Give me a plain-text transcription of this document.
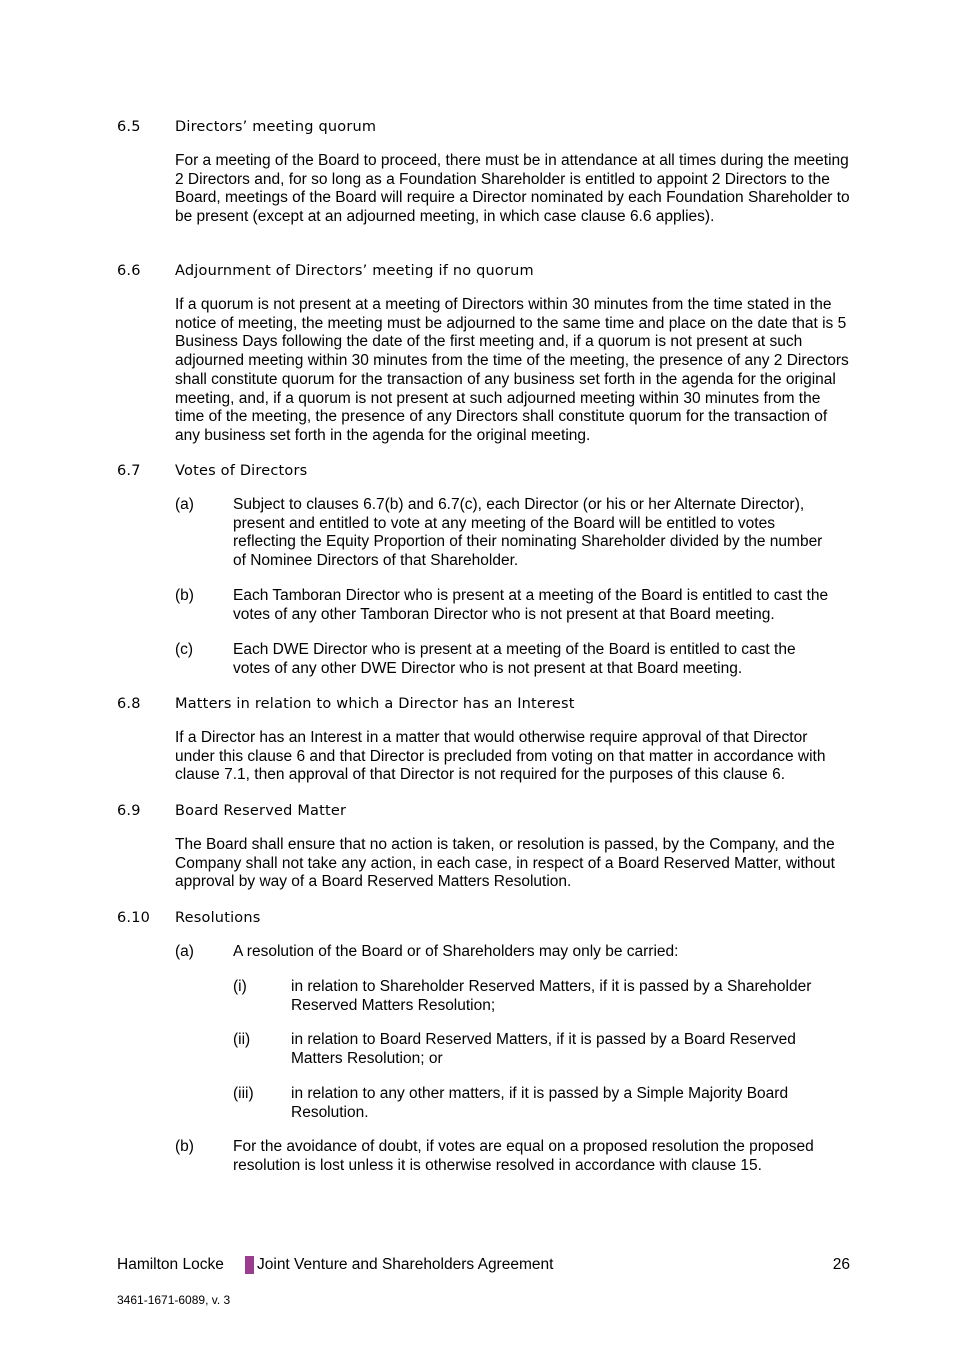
6.5 Directors’ meeting quorum
For a meeting of the Board to proceed, there must be in attendance at all times during the meeting 2 Directors and, for so long as a Foundation Shareholder is entitled to appoint 2 Directors to the Board, meetings of the Board will require a Director nominated by each Foundation Shareholder to be present (except at an adjourned meeting, in which case clause 6.6 applies).
6.6 Adjournment of Directors’ meeting if no quorum
If a quorum is not present at a meeting of Directors within 30 minutes from the time stated in the notice of meeting, the meeting must be adjourned to the same time and place on the date that is 5 Business Days following the date of the first meeting and, if a quorum is not present at such adjourned meeting within 30 minutes from the time of the meeting, the presence of any 2 Directors shall constitute quorum for the transaction of any business set forth in the agenda for the original meeting, and, if a quorum is not present at such adjourned meeting within 30 minutes from the time of the meeting, the presence of any Directors shall constitute quorum for the transaction of any business set forth in the agenda for the original meeting.
6.7 Votes of Directors
(a)	Subject to clauses 6.7(b) and 6.7(c), each Director (or his or her Alternate Director), present and entitled to vote at any meeting of the Board will be entitled to votes reflecting the Equity Proportion of their nominating Shareholder divided by the number of Nominee Directors of that Shareholder.
(b)	Each Tamboran Director who is present at a meeting of the Board is entitled to cast the votes of any other Tamboran Director who is not present at that Board meeting.
(c)	Each DWE Director who is present at a meeting of the Board is entitled to cast the votes of any other DWE Director who is not present at that Board meeting.
6.8 Matters in relation to which a Director has an Interest
If a Director has an Interest in a matter that would otherwise require approval of that Director under this clause 6 and that Director is precluded from voting on that matter in accordance with clause 7.1, then approval of that Director is not required for the purposes of this clause 6.
6.9 Board Reserved Matter
The Board shall ensure that no action is taken, or resolution is passed, by the Company, and the Company shall not take any action, in each case, in respect of a Board Reserved Matter, without approval by way of a Board Reserved Matters Resolution.
6.10 Resolutions
(a)	A resolution of the Board or of Shareholders may only be carried:
(i)	in relation to Shareholder Reserved Matters, if it is passed by a Shareholder Reserved Matters Resolution;
(ii)	in relation to Board Reserved Matters, if it is passed by a Board Reserved Matters Resolution; or
(iii) in relation to any other matters, if it is passed by a Simple Majority Board Resolution.
(b)	For the avoidance of doubt, if votes are equal on a proposed resolution the proposed resolution is lost unless it is otherwise resolved in accordance with clause 15.
Hamilton Locke Joint Venture and Shareholders Agreement	26
3461-1671-6089, v. 3
